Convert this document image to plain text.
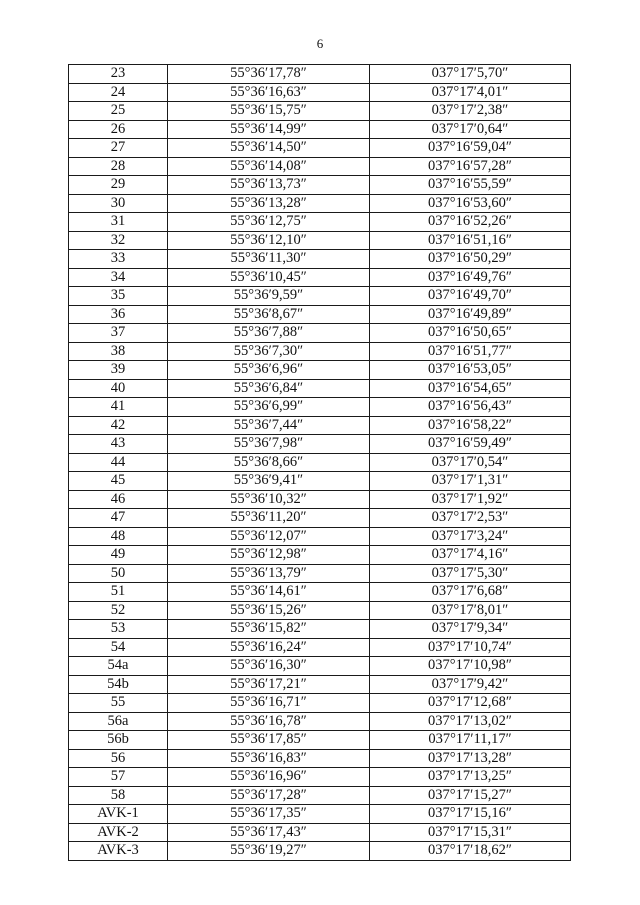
6
23	55°36′17,78″	037°17′5,70″
24	55°36′16,63″	037°17′4,01″
25	55°36′15,75″	037°17′2,38″
26	55°36′14,99″	037°17′0,64″
27	55°36′14,50″	037°16′59,04″
28	55°36′14,08″	037°16′57,28″
29	55°36′13,73″	037°16′55,59″
30	55°36′13,28″	037°16′53,60″
31	55°36′12,75″	037°16′52,26″
32	55°36′12,10″	037°16′51,16″
33	55°36′11,30″	037°16′50,29″
34	55°36′10,45″	037°16′49,76″
35	55°36′9,59″	037°16′49,70″
36	55°36′8,67″	037°16′49,89″
37	55°36′7,88″	037°16′50,65″
38	55°36′7,30″	037°16′51,77″
39	55°36′6,96″	037°16′53,05″
40	55°36′6,84″	037°16′54,65″
41	55°36′6,99″	037°16′56,43″
42	55°36′7,44″	037°16′58,22″
43	55°36′7,98″	037°16′59,49″
44	55°36′8,66″	037°17′0,54″
45	55°36′9,41″	037°17′1,31″
46	55°36′10,32″	037°17′1,92″
47	55°36′11,20″	037°17′2,53″
48	55°36′12,07″	037°17′3,24″
49	55°36′12,98″	037°17′4,16″
50	55°36′13,79″	037°17′5,30″
51	55°36′14,61″	037°17′6,68″
52	55°36′15,26″	037°17′8,01″
53	55°36′15,82″	037°17′9,34″
54	55°36′16,24″	037°17′10,74″
54a	55°36′16,30″	037°17′10,98″
54b	55°36′17,21″	037°17′9,42″
55	55°36′16,71″	037°17′12,68″
56a	55°36′16,78″	037°17′13,02″
56b	55°36′17,85″	037°17′11,17″
56	55°36′16,83″	037°17′13,28″
57	55°36′16,96″	037°17′13,25″
58	55°36′17,28″	037°17′15,27″
AVK-1	55°36′17,35″	037°17′15,16″
AVK-2	55°36′17,43″	037°17′15,31″
AVK-3	55°36′19,27″	037°17′18,62″
